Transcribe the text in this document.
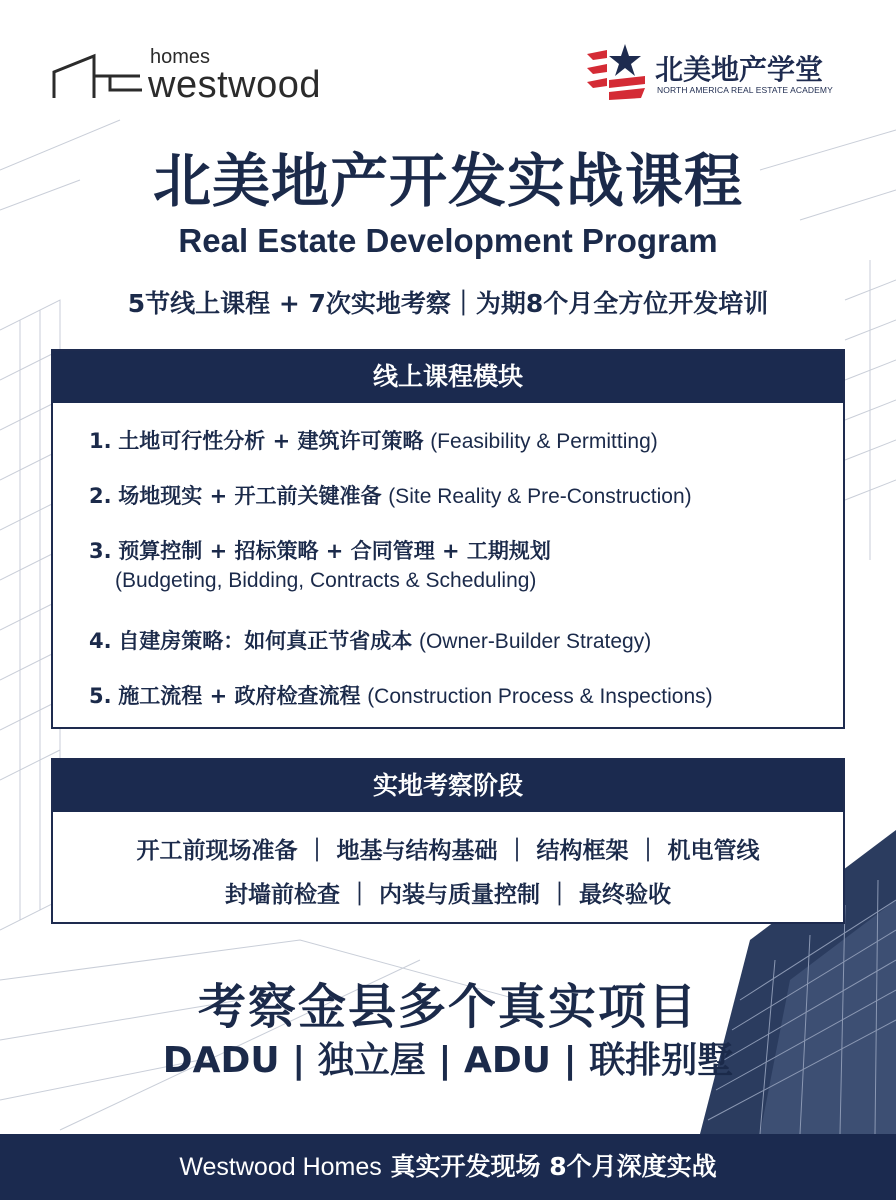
homes
westwood	北美地产学堂
NORTH AMERICA REAL ESTATE ACADEMY
北美地产开发实战课程
Real Estate Development Program
5节线上课程 + 7次实地考察｜为期8个月全方位开发培训
线上课程模块
1. 土地可行性分析 + 建筑许可策略 (Feasibility & Permitting)
2. 场地现实 + 开工前关键准备 (Site Reality & Pre-Construction)
3. 预算控制 + 招标策略 + 合同管理 + 工期规划
(Budgeting, Bidding, Contracts & Scheduling)
4. 自建房策略：如何真正节省成本 (Owner-Builder Strategy)
5. 施工流程 + 政府检查流程 (Construction Process & Inspections)
实地考察阶段
开工前现场准备 ｜ 地基与结构基础 ｜ 结构框架 ｜ 机电管线
封墙前检查 ｜ 内装与质量控制 ｜ 最终验收
考察金县多个真实项目
DADU | 独立屋 | ADU | 联排别墅
Westwood Homes 真实开发现场 8个月深度实战
